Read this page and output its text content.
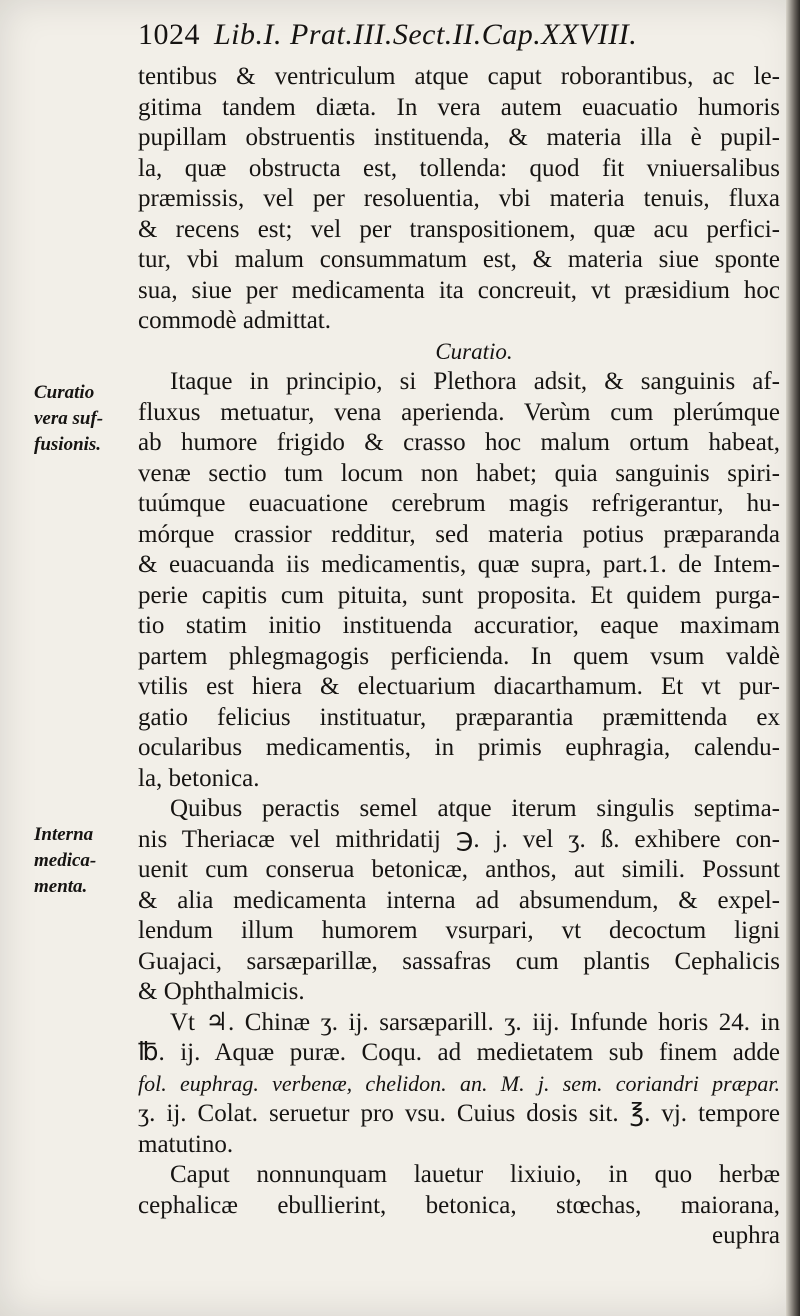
1024 Lib.I. Prat.III.Sect.II.Cap.XXVIII.
Curatio
vera suf-
fusionis.
Interna
medica-
menta.
tentibus & ventriculum atque caput roborantibus, ac le-
gitima tandem diæta. In vera autem euacuatio humoris
pupillam obstruentis instituenda, & materia illa è pupil-
la, quæ obstructa est, tollenda: quod fit vniuersalibus
præmissis, vel per resoluentia, vbi materia tenuis, fluxa
& recens est; vel per transpositionem, quæ acu perfici-
tur, vbi malum consummatum est, & materia siue sponte
sua, siue per medicamenta ita concreuit, vt præsidium hoc
commodè admittat.
Curatio.
Itaque in principio, si Plethora adsit, & sanguinis af-
fluxus metuatur, vena aperienda. Verùm cum plerúmque
ab humore frigido & crasso hoc malum ortum habeat,
venæ sectio tum locum non habet; quia sanguinis spiri-
tuúmque euacuatione cerebrum magis refrigerantur, hu-
mórque crassior redditur, sed materia potius præparanda
& euacuanda iis medicamentis, quæ supra, part.1. de Intem-
perie capitis cum pituita, sunt proposita. Et quidem purga-
tio statim initio instituenda accuratior, eaque maximam
partem phlegmagogis perficienda. In quem vsum valdè
vtilis est hiera & electuarium diacarthamum. Et vt pur-
gatio felicius instituatur, præparantia præmittenda ex
ocularibus medicamentis, in primis euphragia, calendu-
la, betonica.
Quibus peractis semel atque iterum singulis septima-
nis Theriacæ vel mithridatij ℈. j. vel ʒ. ß. exhibere con-
uenit cum conserua betonicæ, anthos, aut simili. Possunt
& alia medicamenta interna ad absumendum, & expel-
lendum illum humorem vsurpari, vt decoctum ligni
Guajaci, sarsæparillæ, sassafras cum plantis Cephalicis
& Ophthalmicis.
Vt ♃. Chinæ ʒ. ij. sarsæparill. ʒ. iij. Infunde horis 24. in
℔. ij. Aquæ puræ. Coqu. ad medietatem sub finem adde
fol. euphrag. verbenæ, chelidon. an. M. j. sem. coriandri præpar.
ʒ. ij. Colat. seruetur pro vsu. Cuius dosis sit. ℥. vj. tempore
matutino.
Caput nonnunquam lauetur lixiuio, in quo herbæ
cephalicæ ebullierint, betonica, stœchas, maiorana,
euphra
